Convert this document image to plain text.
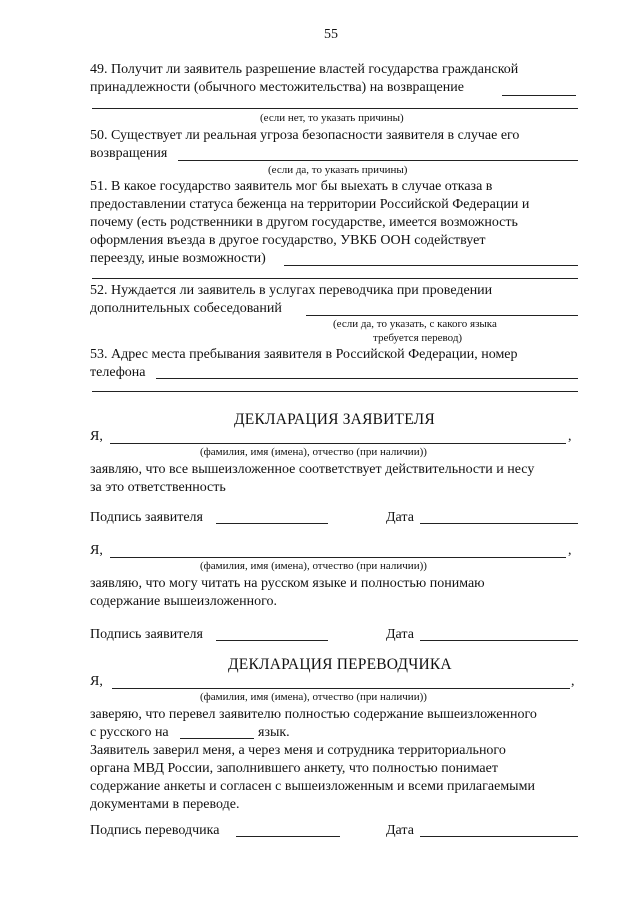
55
49. Получит ли заявитель разрешение властей государства гражданской
принадлежности (обычного местожительства) на возвращение
(если нет, то указать причины)
50. Существует ли реальная угроза безопасности заявителя в случае его
возвращения
(если да, то указать причины)
51. В какое государство заявитель мог бы выехать в случае отказа в
предоставлении статуса беженца на территории Российской Федерации и
почему (есть родственники в другом государстве, имеется возможность
оформления въезда в другое государство, УВКБ ООН содействует
переезду, иные возможности)
52. Нуждается ли заявитель в услугах переводчика при проведении
дополнительных собеседований
(если да, то указать, с какого языка
требуется перевод)
53. Адрес места пребывания заявителя в Российской Федерации, номер
телефона
ДЕКЛАРАЦИЯ ЗАЯВИТЕЛЯ
Я,	,
(фамилия, имя (имена), отчество (при наличии))
заявляю, что все вышеизложенное соответствует действительности и несу
за это ответственность
Подпись заявителя	Дата
Я,	,
(фамилия, имя (имена), отчество (при наличии))
заявляю, что могу читать на русском языке и полностью понимаю
содержание вышеизложенного.
Подпись заявителя	Дата
ДЕКЛАРАЦИЯ ПЕРЕВОДЧИКА
Я,	,
(фамилия, имя (имена), отчество (при наличии))
заверяю, что перевел заявителю полностью содержание вышеизложенного
с русского на	язык.
Заявитель заверил меня, а через меня и сотрудника территориального
органа МВД России, заполнившего анкету, что полностью понимает
содержание анкеты и согласен с вышеизложенным и всеми прилагаемыми
документами в переводе.
Подпись переводчика	Дата
